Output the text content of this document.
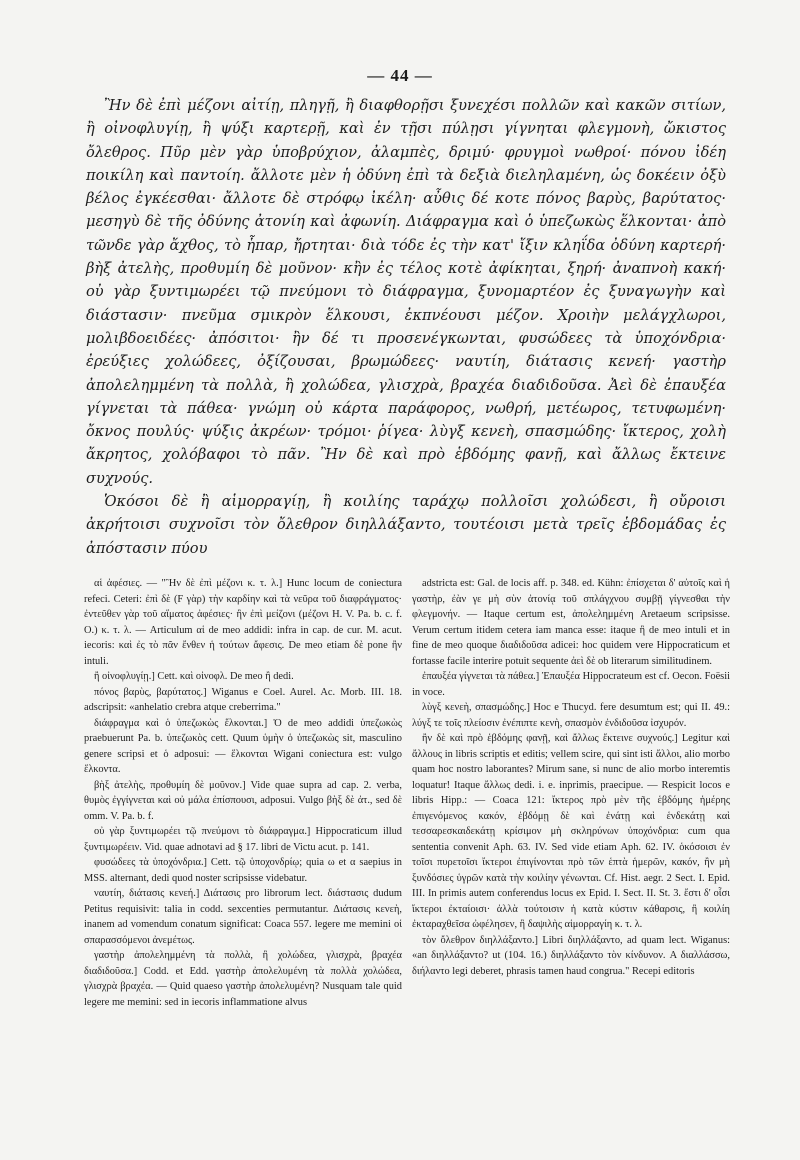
— 44 —

Ἢν δὲ ἐπὶ μέζονι αἰτίῃ, πληγῇ, ἢ διαφθορῇσι ξυνεχέσι πολλῶν καὶ κακῶν σιτίων, ἢ οἰνοφλυγίῃ, ἢ ψύξι καρτερῇ, καὶ ἐν τῇσι πύλῃσι γίγνηται φλεγμονὴ, ὤκιστος ὄλεθρος. Πῦρ μὲν γὰρ ὑποβρύχιον, ἀλαμπὲς, δριμύ· φρυγμοὶ νωθροί· πόνου ἰδέη ποικίλη καὶ παντοίη. ἄλλοτε μὲν ἡ ὀδύνη ἐπὶ τὰ δεξιὰ διεληλαμένη, ὡς δοκέειν ὀξὺ βέλος ἐγκέεσθαι· ἄλλοτε δὲ στρόφῳ ἰκέλη· αὖθις δέ κοτε πόνος βαρὺς, βαρύτατος· μεσηγὺ δὲ τῆς ὀδύνης ἀτονίη καὶ ἀφωνίη. Διάφραγμα καὶ ὁ ὑπεζωκὼς ἕλκονται· ἀπὸ τῶνδε γὰρ ἄχθος, τὸ ἧπαρ, ἤρτηται· διὰ τόδε ἐς τὴν κατ' ἴξιν κληΐδα ὀδύνη καρτερή· βὴξ ἀτελὴς, προθυμίη δὲ μοῦνον· κἢν ἐς τέλος κοτὲ ἀφίκηται, ξηρή· ἀναπνοὴ κακή· οὐ γὰρ ξυντιμωρέει τῷ πνεύμονι τὸ διάφραγμα, ξυνομαρτέον ἐς ξυναγωγὴν καὶ διάστασιν· πνεῦμα σμικρὸν ἕλκουσι, ἐκπνέουσι μέζον. Χροιὴν μελάγχλωροι, μολιβδοειδέες· ἀπόσιτοι· ἢν δέ τι προσενέγκωνται, φυσώδεες τὰ ὑποχόνδρια· ἐρεύξιες χολώδεες, ὀξίζουσαι, βρωμώδεες· ναυτίη, διάτασις κενεή· γαστὴρ ἀπολελημμένη τὰ πολλὰ, ἢ χολώδεα, γλισχρὰ, βραχέα διαδιδοῦσα. Ἀεὶ δὲ ἐπαυξέα γίγνεται τὰ πάθεα· γνώμη οὐ κάρτα παράφορος, νωθρή, μετέωρος, τετυφωμένη· ὄκνος πουλύς· ψύξις ἀκρέων· τρόμοι· ῥίγεα· λὺγξ κενεὴ, σπασμώδης· ἴκτερος, χολὴ ἄκρητος, χολόβαφοι τὸ πᾶν. Ἢν δὲ καὶ πρὸ ἑβδόμης φανῇ, καὶ ἄλλως ἔκτεινε συχνούς.

Ὁκόσοι δὲ ἢ αἱμορραγίῃ, ἢ κοιλίης ταράχῳ πολλοῖσι χολώδεσι, ἢ οὔροισι ἀκρήτοισι συχνοῖσι τὸν ὄλεθρον διηλλάξαντο, τουτέοισι μετὰ τρεῖς ἑβδομάδας ἐς ἀπόστασιν πύου

αἱ ἀφέσιες. — "Ἢν δὲ ἐπὶ μέζονι κ. τ. λ.] Hunc locum de coniectura refeci. Ceteri: ἐπὶ δὲ (F γὰρ) τὴν καρδίην καὶ τὰ νεῦρα τοῦ διαφράγματος· ἐντεῦθεν γὰρ τοῦ αἵματος ἀφέσιες· ἢν ἐπὶ μείζονι (μέζονι H. V. Pa. b. c. f. O.) κ. τ. λ. — Articulum αἱ de meo addidi: infra in cap. de cur. M. acut. iecoris: καὶ ἐς τὸ πᾶν ἔνθεν ἡ τούτων ἄφεσις. De meo etiam δὲ pone ἢν intuli.

ἢ οἰνοφλυγίῃ.] Cett. καὶ οἰνοφλ. De meo ἢ dedi.

πόνος βαρὺς, βαρύτατος.] Wiganus e Coel. Aurel. Ac. Morb. III. 18. adscripsit: «anhelatio crebra atque creberrima."

διάφραγμα καὶ ὁ ὑπεζωκὼς ἕλκονται.] Ὁ de meo addidi ὑπεζωκὼς praebuerunt Pa. b. ὑπεζωκὸς cett. Quum ὑμὴν ὁ ὑπεζωκὼς sit, masculino genere scripsi et ὁ adposui: — ἕλκονται Wigani coniectura est: vulgo ἕλκοντα.

βὴξ ἀτελὴς, προθυμίη δὲ μοῦνον.] Vide quae supra ad cap. 2. verba, θυμὸς ἐγγίγνεται καὶ οὐ μάλα ἐπίσπουσι, adposui. Vulgo βὴξ δὲ ἀτ., sed δὲ omm. V. Pa. b. f.

οὐ γὰρ ξυντιμωρέει τῷ πνεύμονι τὸ διάφραγμα.] Hippocraticum illud ξυντιμωρέειν. Vid. quae adnotavi ad § 17. libri de Victu acut. p. 141.

φυσώδεες τὰ ὑποχόνδρια.] Cett. τῷ ὑποχονδρίῳ; quia ω et α saepius in MSS. alternant, dedi quod noster scripsisse videbatur.

ναυτίη, διάτασις κενεή.] Διάτασις pro librorum lect. διάστασις dudum Petitus requisivit: talia in codd. sexcenties permutantur. Διάτασις κενεὴ, inanem ad vomendum conatum significat: Coaca 557. legere me memini οἱ σπαρασσόμενοι ἀνεμέτως.

γαστὴρ ἀπολελημμένη τὰ πολλὰ, ἢ χολώδεα, γλισχρὰ, βραχέα διαδιδοῦσα.] Codd. et Edd. γαστὴρ ἀπολελυμένη τὰ πολλὰ χολώδεα, γλισχρὰ βραχέα. — Quid quaeso γαστὴρ ἀπολελυμένη? Nusquam tale quid legere me memini: sed in iecoris inflammatione alvus

adstricta est: Gal. de locis aff. p. 348. ed. Kühn: ἐπίσχεται δ' αὐτοῖς καὶ ἡ γαστὴρ, ἐὰν γε μὴ σὺν ἀτονίᾳ τοῦ σπλάγχνου συμβῇ γίγνεσθαι τὴν φλεγμονήν. — Itaque certum est, ἀπολελημμένη Aretaeum scripsisse. Verum certum itidem cetera iam manca esse: itaque ἢ de meo intuli et in fine de meo quoque διαδιδοῦσα adicei: hoc quidem vere Hippocraticum et fortasse facile interire potuit sequente ἀεὶ δὲ ob literarum similitudinem.

ἐπαυξέα γίγνεται τὰ πάθεα.] Ἐπαυξέα Hippocrateum est cf. Oecon. Foësii in voce.

λὺγξ κενεὴ, σπασμώδης.] Hoc e Thucyd. fere desumtum est; qui II. 49.: λύγξ τε τοῖς πλείοσιν ἐνέπιπτε κενὴ, σπασμὸν ἐνδιδοῦσα ἰσχυρόν.

ἢν δὲ καὶ πρὸ ἑβδόμης φανῇ, καὶ ἄλλως ἔκτεινε συχνούς.] Legitur καὶ ἄλλους in libris scriptis et editis; vellem scire, qui sint isti ἄλλοι, alio morbo quam hoc nostro laborantes? Mirum sane, si nunc de alio morbo interemtis loquatur! Itaque ἄλλως dedi. i. e. inprimis, praecipue. — Respicit locos e libris Hipp.: — Coaca 121: ἴκτερος πρὸ μὲν τῆς ἑβδόμης ἡμέρης ἐπιγενόμενος κακόν, ἑβδόμῃ δὲ καὶ ἐνάτῃ καὶ ἑνδεκάτῃ καὶ τεσσαρεσκαιδεκάτῃ κρίσιμον μὴ σκληρύνων ὑποχόνδρια: cum qua sententia convenit Aph. 63. IV. Sed vide etiam Aph. 62. IV. ὁκόσοισι ἐν τοῖσι πυρετοῖσι ἴκτεροι ἐπιγίνονται πρὸ τῶν ἑπτὰ ἡμερῶν, κακόν, ἢν μὴ ξυνδόσιες ὑγρῶν κατὰ τὴν κοιλίην γένωνται. Cf. Hist. aegr. 2 Sect. I. Epid. III. In primis autem conferendus locus ex Epid. I. Sect. II. St. 3. ἔστι δ' οἷσι ἴκτεροι ἐκταίοισι· ἀλλὰ τούτοισιν ἡ κατὰ κύστιν κάθαρσις, ἢ κοιλίη ἐκταραχθεῖσα ὠφέλησεν, ἢ δαψιλὴς αἱμορραγίη κ. τ. λ.

τὸν ὄλεθρον διηλλάξαντο.] Libri διηλλάξαντο, ad quam lect. Wiganus: «an διηλλάξαντο? ut (104. 16.) διηλλάξαντο τὸν κίνδυνον. A διαλλάσσω, διήλαντο legi deberet, phrasis tamen haud congrua." Recepi editoris
